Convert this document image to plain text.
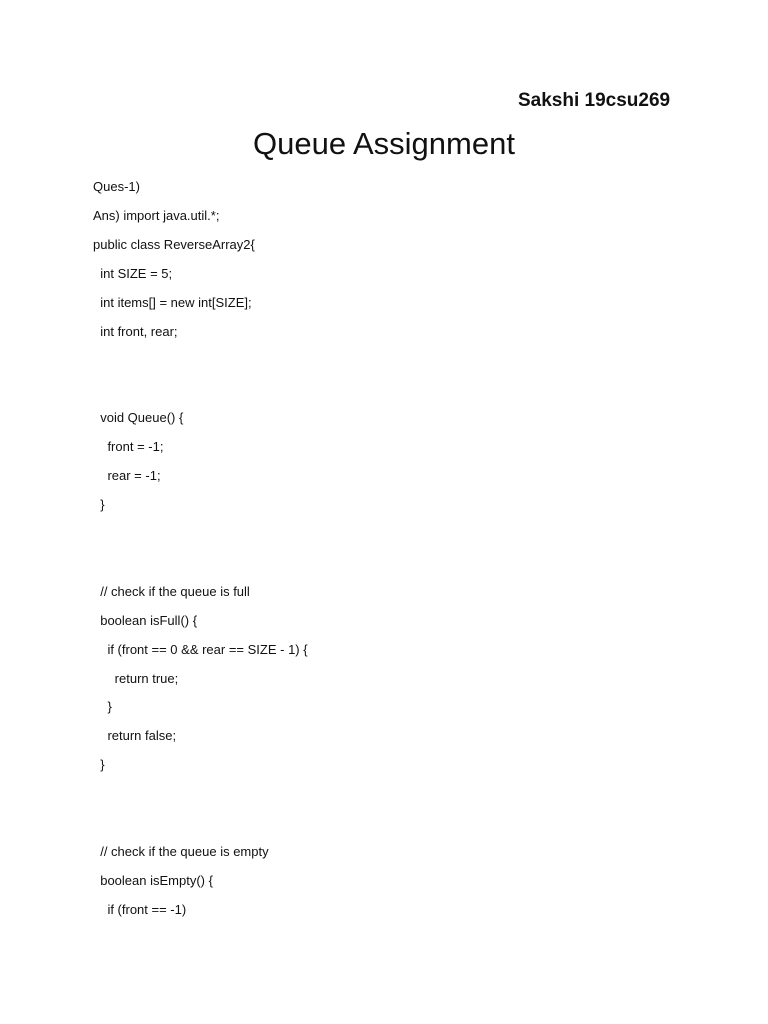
Sakshi 19csu269
Queue Assignment
Ques-1)
Ans) import java.util.*;
public class ReverseArray2{
int SIZE = 5;
int items[] = new int[SIZE];
int front, rear;
void Queue() {
front = -1;
rear = -1;
}
// check if the queue is full
boolean isFull() {
if (front == 0 && rear == SIZE - 1) {
return true;
}
return false;
}
// check if the queue is empty
boolean isEmpty() {
if (front == -1)
